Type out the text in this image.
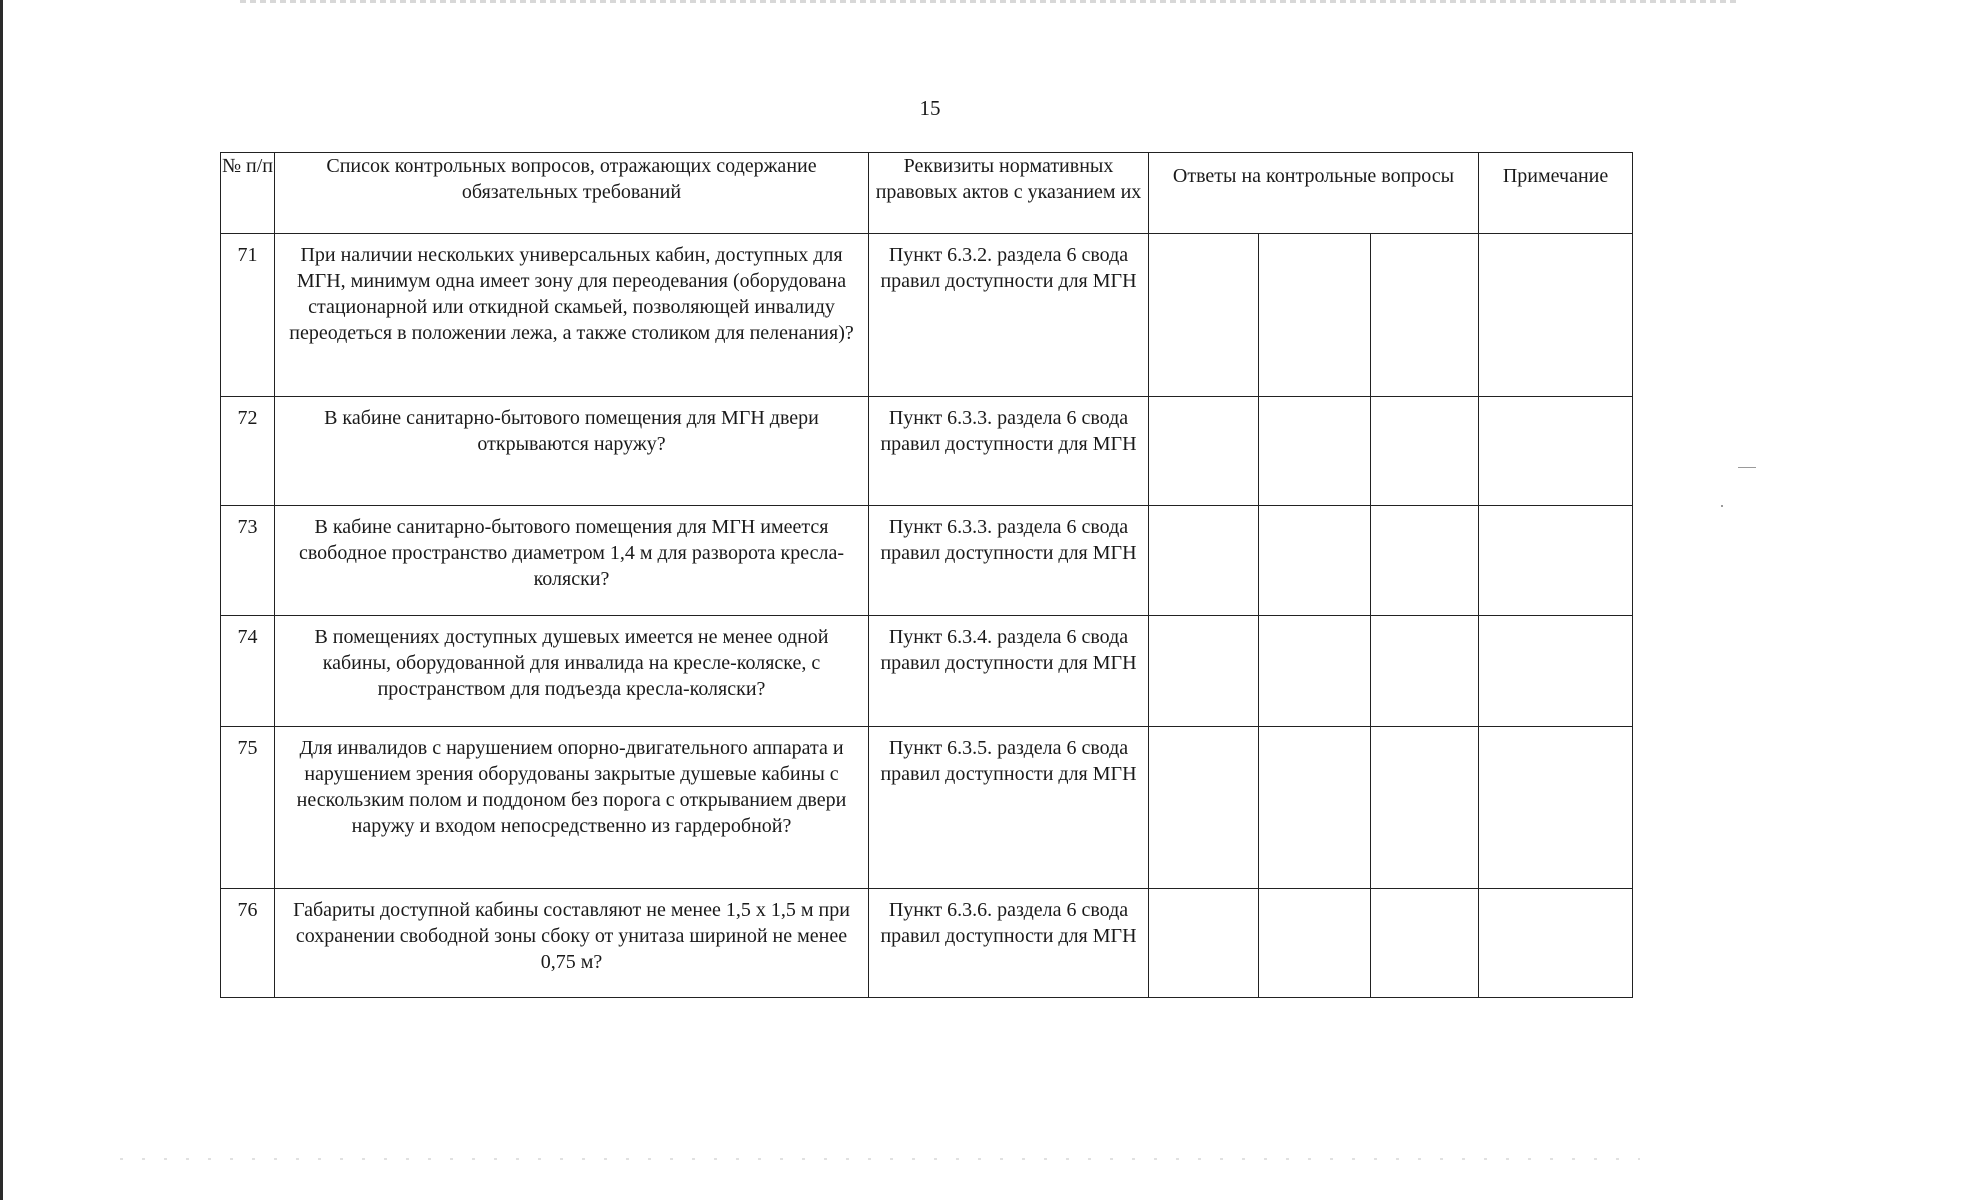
15
№ п/п	Список контрольных вопросов, отражающих содержание обязательных требований	Реквизиты нормативных правовых актов с указанием их	Ответы на контрольные вопросы			Примечание
71	При наличии нескольких универсальных кабин, доступных для МГН, минимум одна имеет зону для переодевания (оборудована стационарной или откидной скамьей, позволяющей инвалиду переодеться в положении лежа, а также столиком для пеленания)?	Пункт 6.3.2. раздела 6 свода правил доступности для МГН				
72	В кабине санитарно-бытового помещения для МГН двери открываются наружу?	Пункт 6.3.3. раздела 6 свода правил доступности для МГН				
73	В кабине санитарно-бытового помещения для МГН имеется свободное пространство диаметром 1,4 м для разворота кресла-коляски?	Пункт 6.3.3. раздела 6 свода правил доступности для МГН				
74	В помещениях доступных душевых имеется не менее одной кабины, оборудованной для инвалида на кресле-коляске, с пространством для подъезда кресла-коляски?	Пункт 6.3.4. раздела 6 свода правил доступности для МГН				
75	Для инвалидов с нарушением опорно-двигательного аппарата и нарушением зрения оборудованы закрытые душевые кабины с нескользким полом и поддоном без порога с открыванием двери наружу и входом непосредственно из гардеробной?	Пункт 6.3.5. раздела 6 свода правил доступности для МГН				
76	Габариты доступной кабины составляют не менее 1,5 х 1,5 м при сохранении свободной зоны сбоку от унитаза шириной не менее 0,75 м?	Пункт 6.3.6. раздела 6 свода правил доступности для МГН				
